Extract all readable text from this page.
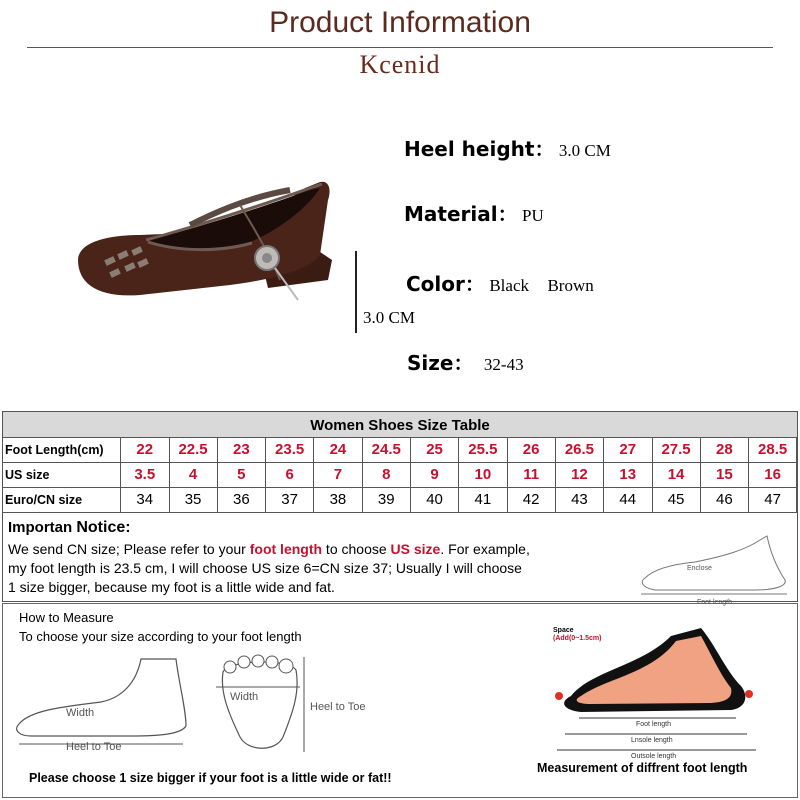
Product Information
Kcenid
3.0 CM
Heel height： 3.0 CM
Material： PU
Color： Black Brown
Size： 32-43
Women Shoes Size Table
Foot Length(cm)	22	22.5	23	23.5	24	24.5	25	25.5	26	26.5	27	27.5	28	28.5
US size	3.5	4	5	6	7	8	9	10	11	12	13	14	15	16
Euro/CN size	34	35	36	37	38	39	40	41	42	43	44	45	46	47
Importan Notice:
We send CN size; Please refer to your foot length to choose US size. For example,
my foot length is 23.5 cm, I will choose US size 6=CN size 37; Usually I will choose
1 size bigger, because my foot is a little wide and fat.
Enclose
Foot length
How to Measure
To choose your size according to your foot length
Width
Heel to Toe
Width
Heel to Toe
Space
(Add(0~1.5cm)
Foot length
Lnsole length
Outsole length
Please choose 1 size bigger if your foot is a little wide or fat!!
Measurement of diffrent foot length
